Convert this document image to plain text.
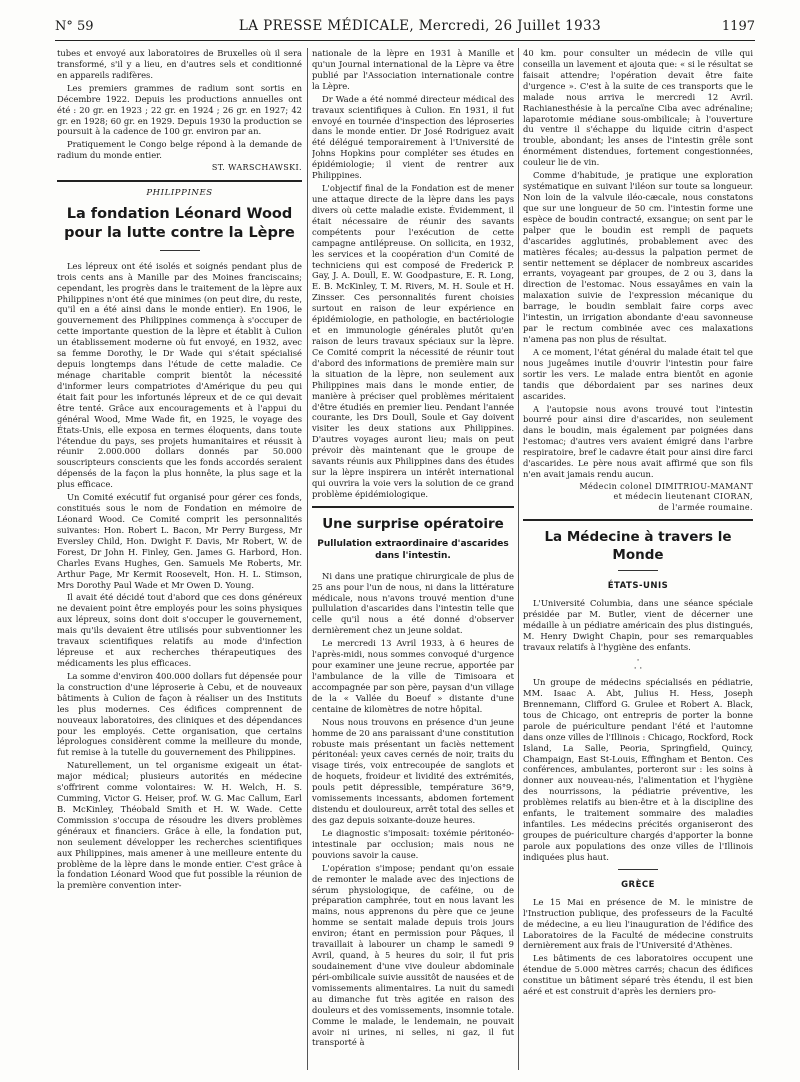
N° 59	LA PRESSE MÉDICALE, Mercredi, 26 Juillet 1933	1197

tubes et envoyé aux laboratoires de Bruxelles où il sera transformé, s'il y a lieu, en d'autres sels et conditionné en appareils radifères.

Les premiers grammes de radium sont sortis en Décembre 1922. Depuis les productions annuelles ont été : 20 gr. en 1923 ; 22 gr. en 1924 ; 26 gr. en 1927; 42 gr. en 1928; 60 gr. en 1929. Depuis 1930 la production se poursuit à la cadence de 100 gr. environ par an.

Pratiquement le Congo belge répond à la demande de radium du monde entier.

ST. WARSCHAWSKI.
PHILIPPINES
La fondation Léonard Wood
pour la lutte contre la Lèpre

Les lépreux ont été isolés et soignés pendant plus de trois cents ans à Manille par des Moines franciscains; cependant, les progrès dans le traitement de la lèpre aux Philippines n'ont été que minimes (on peut dire, du reste, qu'il en a été ainsi dans le monde entier). En 1906, le gouvernement des Philippines commença à s'occuper de cette importante question de la lèpre et établit à Culion un établissement moderne où fut envoyé, en 1932, avec sa femme Dorothy, le Dr Wade qui s'était spécialisé depuis longtemps dans l'étude de cette maladie. Ce ménage charitable comprit bientôt la nécessité d'informer leurs compatriotes d'Amérique du peu qui était fait pour les infortunés lépreux et de ce qui devait être tenté. Grâce aux encouragements et à l'appui du général Wood, Mme Wade fit, en 1925, le voyage des États-Unis, elle exposa en termes éloquents, dans toute l'étendue du pays, ses projets humanitaires et réussit à réunir 2.000.000 dollars donnés par 50.000 souscripteurs conscients que les fonds accordés seraient dépensés de la façon la plus honnête, la plus sage et la plus efficace.

Un Comité exécutif fut organisé pour gérer ces fonds, constitués sous le nom de Fondation en mémoire de Léonard Wood. Ce Comité comprit les personnalités suivantes: Hon. Robert L. Bacon, Mr Perry Burgess, Mr Eversley Child, Hon. Dwight F. Davis, Mr Robert, W. de Forest, Dr John H. Finley, Gen. James G. Harbord, Hon. Charles Evans Hughes, Gen. Samuels Me Roberts, Mr. Arthur Page, Mr Kermit Roosevelt, Hon. H. L. Stimson, Mrs Dorothy Paul Wade et Mr Owen D. Young.

Il avait été décidé tout d'abord que ces dons généreux ne devaient point être employés pour les soins physiques aux lépreux, soins dont doit s'occuper le gouvernement, mais qu'ils devaient être utilisés pour subventionner les travaux scientifiques relatifs au mode d'infection lépreuse et aux recherches thérapeutiques des médicaments les plus efficaces.

La somme d'environ 400.000 dollars fut dépensée pour la construction d'une léproserie à Cebu, et de nouveaux bâtiments à Culion de façon à réaliser un des Instituts les plus modernes. Ces édifices comprennent de nouveaux laboratoires, des cliniques et des dépendances pour les employés. Cette organisation, que certains léprologues considèrent comme la meilleure du monde, fut remise à la tutelle du gouvernement des Philippines.

Naturellement, un tel organisme exigeait un état-major médical; plusieurs autorités en médecine s'offrirent comme volontaires: W. H. Welch, H. S. Cumming, Victor G. Heiser, prof. W. G. Mac Callum, Earl B. McKinley, Théobald Smith et H. W. Wade. Cette Commission s'occupa de résoudre les divers problèmes généraux et financiers. Grâce à elle, la fondation put, non seulement développer les recherches scientifiques aux Philippines, mais amener à une meilleure entente du problème de la lèpre dans le monde entier. C'est grâce à la fondation Léonard Wood que fut possible la réunion de la première convention inter-

nationale de la lèpre en 1931 à Manille et qu'un Journal international de la Lèpre va être publié par l'Association internationale contre la Lèpre.

Dr Wade a été nommé directeur médical des travaux scientifiques à Culion. En 1931, il fut envoyé en tournée d'inspection des léproseries dans le monde entier. Dr José Rodriguez avait été délégué temporairement à l'Université de Johns Hopkins pour compléter ses études en épidémiologie; il vient de rentrer aux Philippines.

L'objectif final de la Fondation est de mener une attaque directe de la lèpre dans les pays divers où cette maladie existe. Évidemment, il était nécessaire de réunir des savants compétents pour l'exécution de cette campagne antilépreuse. On sollicita, en 1932, les services et la coopération d'un Comité de techniciens qui est composé de Frederick P. Gay, J. A. Doull, E. W. Goodpasture, E. R. Long, E. B. McKinley, T. M. Rivers, M. H. Soule et H. Zinsser. Ces personnalités furent choisies surtout en raison de leur expérience en épidémiologie, en pathologie, en bactériologie et en immunologie générales plutôt qu'en raison de leurs travaux spéciaux sur la lèpre. Ce Comité comprit la nécessité de réunir tout d'abord des informations de première main sur la situation de la lèpre, non seulement aux Philippines mais dans le monde entier, de manière à préciser quel problèmes méritaient d'être étudiés en premier lieu. Pendant l'année courante, les Drs Doull, Soule et Gay doivent visiter les deux stations aux Philippines. D'autres voyages auront lieu; mais on peut prévoir dès maintenant que le groupe de savants réunis aux Philippines dans des études sur la lèpre inspirera un intérêt international qui ouvrira la voie vers la solution de ce grand problème épidémiologique.

Une surprise opératoire
Pullulation extraordinaire d'ascarides dans l'intestin.

Ni dans une pratique chirurgicale de plus de 25 ans pour l'un de nous, ni dans la littérature médicale, nous n'avons trouvé mention d'une pullulation d'ascarides dans l'intestin telle que celle qu'il nous a été donné d'observer dernièrement chez un jeune soldat.

Le mercredi 13 Avril 1933, à 6 heures de l'après-midi, nous sommes convoqué d'urgence pour examiner une jeune recrue, apportée par l'ambulance de la ville de Timisoara et accompagnée par son père, paysan d'un village de la « Vallée du Boeuf » distante d'une centaine de kilomètres de notre hôpital.

Nous nous trouvons en présence d'un jeune homme de 20 ans paraissant d'une constitution robuste mais présentant un faciès nettement péritonéal: yeux caves cernés de noir, traits du visage tirés, voix entrecoupée de sanglots et de hoquets, froideur et lividité des extrémités, pouls petit dépressible, température 36°9, vomissements incessants, abdomen fortement distendu et douloureux, arrêt total des selles et des gaz depuis soixante-douze heures.

Le diagnostic s'imposait: toxémie péritonéo-intestinale par occlusion; mais nous ne pouvions savoir la cause.

L'opération s'impose; pendant qu'on essaie de remonter le malade avec des injections de sérum physiologique, de caféine, ou de préparation camphrée, tout en nous lavant les mains, nous apprenons du père que ce jeune homme se sentait malade depuis trois jours environ; étant en permission pour Pâques, il travaillait à labourer un champ le samedi 9 Avril, quand, à 5 heures du soir, il fut pris soudainement d'une vive douleur abdominale péri-ombilicale suivie aussitôt de nausées et de vomissements alimentaires. La nuit du samedi au dimanche fut très agitée en raison des douleurs et des vomissements, insomnie totale. Comme le malade, le lendemain, ne pouvait avoir ni urines, ni selles, ni gaz, il fut transporté à

40 km. pour consulter un médecin de ville qui conseilla un lavement et ajouta que: « si le résultat se faisait attendre; l'opération devait être faite d'urgence ». C'est à la suite de ces transports que le malade nous arriva le mercredi 12 Avril. Rachianesthésie à la percaïne Ciba avec adrénaline; laparotomie médiane sous-ombilicale; à l'ouverture du ventre il s'échappe du liquide citrin d'aspect trouble, abondant; les anses de l'intestin grêle sont énormément distendues, fortement congestionnées, couleur lie de vin.

Comme d'habitude, je pratique une exploration systématique en suivant l'iléon sur toute sa longueur. Non loin de la valvule iléo-cæcale, nous constatons que sur une longueur de 50 cm. l'intestin forme une espèce de boudin contracté, exsangue; on sent par le palper que le boudin est rempli de paquets d'ascarides agglutinés, probablement avec des matières fécales; au-dessus la palpation permet de sentir nettement se déplacer de nombreux ascarides errants, voyageant par groupes, de 2 ou 3, dans la direction de l'estomac. Nous essayâmes en vain la malaxation suivie de l'expression mécanique du barrage, le boudin semblait faire corps avec l'intestin, un irrigation abondante d'eau savonneuse par le rectum combinée avec ces malaxations n'amena pas non plus de résultat.

A ce moment, l'état général du malade était tel que nous jugeâmes inutile d'ouvrir l'intestin pour faire sortir les vers. Le malade entra bientôt en agonie tandis que débordaient par ses narines deux ascarides.

A l'autopsie nous avons trouvé tout l'intestin bourré pour ainsi dire d'ascarides, non seulement dans le boudin, mais également par poignées dans l'estomac; d'autres vers avaient émigré dans l'arbre respiratoire, bref le cadavre était pour ainsi dire farci d'ascarides. Le père nous avait affirmé que son fils n'en avait jamais rendu aucun.

Médecin colonel DIMITRIOU-MAMANT
et médecin lieutenant CIORAN,
de l'armée roumaine.
La Médecine à travers le Monde
ÉTATS-UNIS

L'Université Columbia, dans une séance spéciale présidée par M. Butler, vient de décerner une médaille à un pédiatre américain des plus distingués, M. Henry Dwight Chapin, pour ses remarquables travaux relatifs à l'hygiène des enfants.

·
· ·

Un groupe de médecins spécialisés en pédiatrie, MM. Isaac A. Abt, Julius H. Hess, Joseph Brennemann, Clifford G. Grulee et Robert A. Black, tous de Chicago, ont entrepris de porter la bonne parole de puériculture pendant l'été et l'automne dans onze villes de l'Illinois : Chicago, Rockford, Rock Island, La Salle, Peoria, Springfield, Quincy, Champaign, East St-Louis, Effingham et Benton. Ces conférences, ambulantes, porteront sur : les soins à donner aux nouveau-nés, l'alimentation et l'hygiène des nourrissons, la pédiatrie préventive, les problèmes relatifs au bien-être et à la discipline des enfants, le traitement sommaire des maladies infantiles. Les médecins précités organiseront des groupes de puériculture chargés d'apporter la bonne parole aux populations des onze villes de l'Illinois indiquées plus haut.

GRÈCE

Le 15 Mai en présence de M. le ministre de l'Instruction publique, des professeurs de la Faculté de médecine, a eu lieu l'inauguration de l'édifice des Laboratoires de la Faculté de médecine construits dernièrement aux frais de l'Université d'Athènes.

Les bâtiments de ces laboratoires occupent une étendue de 5.000 mètres carrés; chacun des édifices constitue un bâtiment séparé très étendu, il est bien aéré et est construit d'après les derniers pro-
